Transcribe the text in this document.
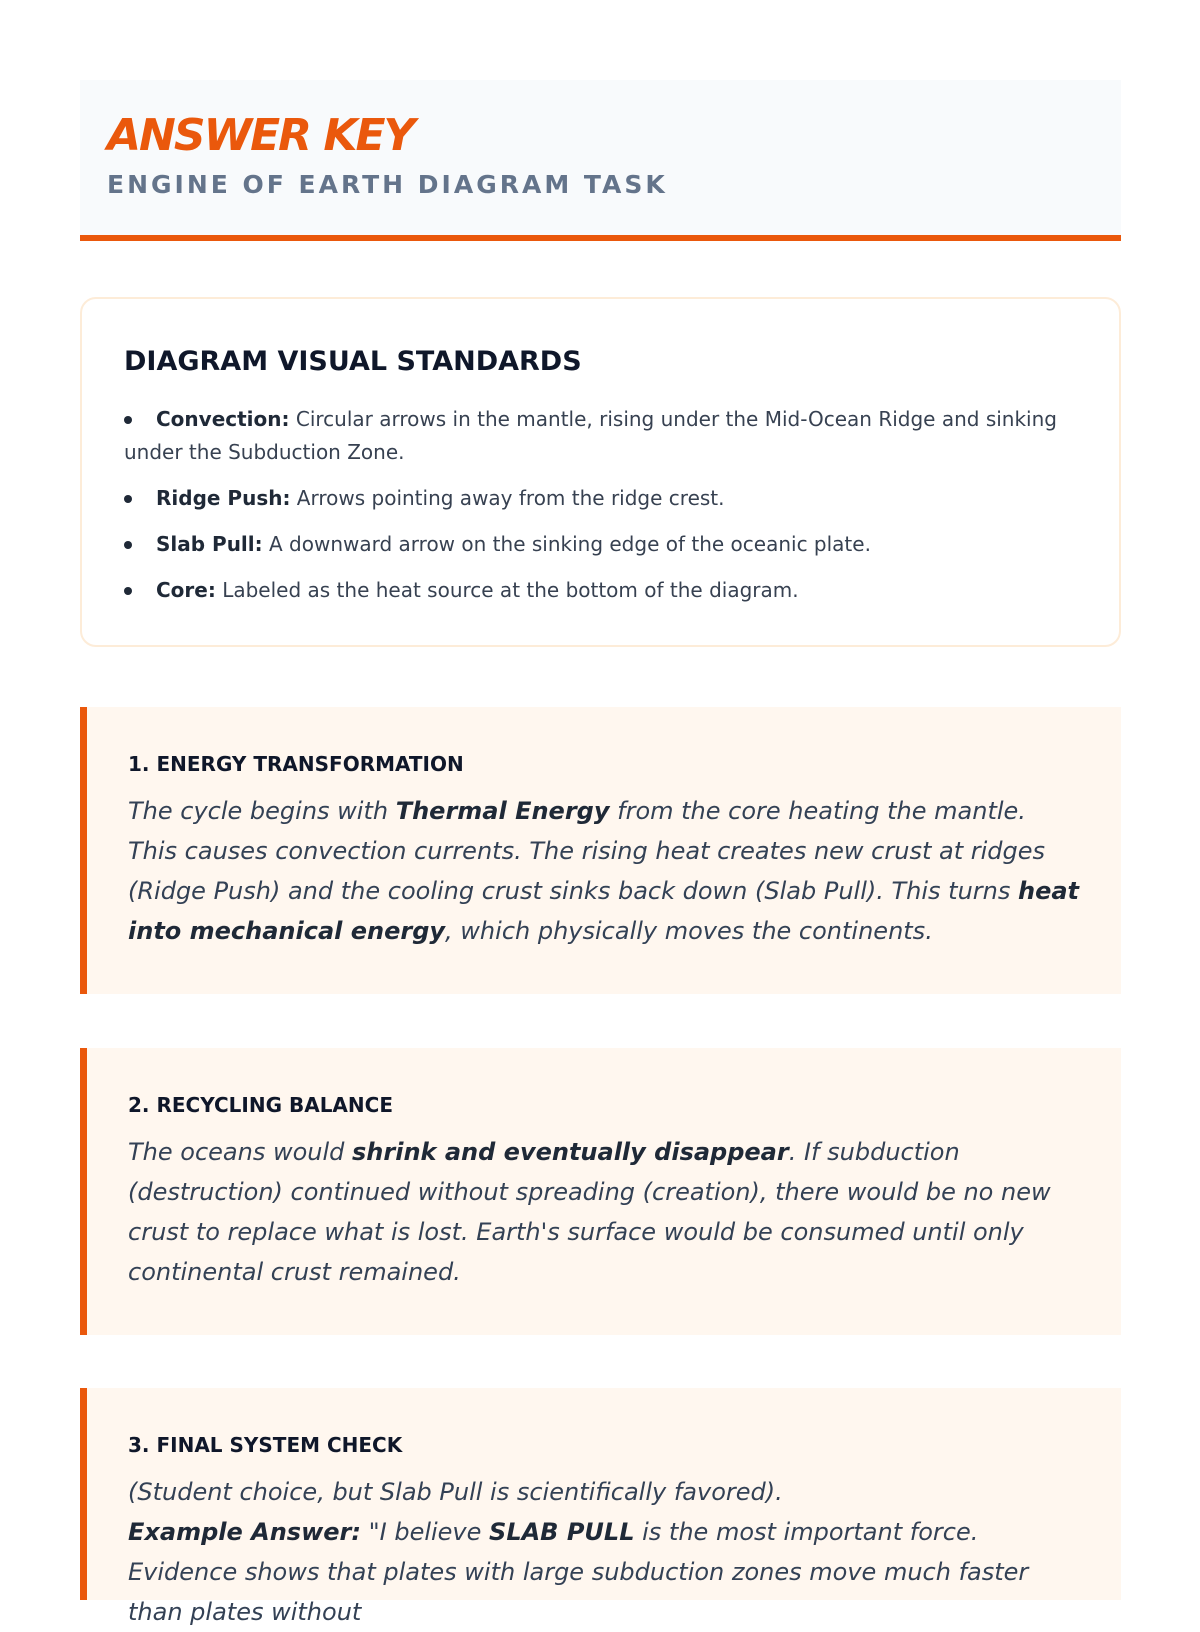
ANSWER KEY
ENGINE OF EARTH DIAGRAM TASK
DIAGRAM VISUAL STANDARDS
Convection: Circular arrows in the mantle, rising under the Mid-Ocean Ridge and sinking under the Subduction Zone.
Ridge Push: Arrows pointing away from the ridge crest.
Slab Pull: A downward arrow on the sinking edge of the oceanic plate.
Core: Labeled as the heat source at the bottom of the diagram.
1. ENERGY TRANSFORMATION

The cycle begins with Thermal Energy from the core heating the mantle. This causes convection currents. The rising heat creates new crust at ridges (Ridge Push) and the cooling crust sinks back down (Slab Pull). This turns heat into mechanical energy, which physically moves the continents.

2. RECYCLING BALANCE

The oceans would shrink and eventually disappear. If subduction (destruction) continued without spreading (creation), there would be no new crust to replace what is lost. Earth's surface would be consumed until only continental crust remained.

3. FINAL SYSTEM CHECK

(Student choice, but Slab Pull is scientifically favored).
Example Answer: "I believe SLAB PULL is the most important force. Evidence shows that plates with large subduction zones move much faster than plates without
